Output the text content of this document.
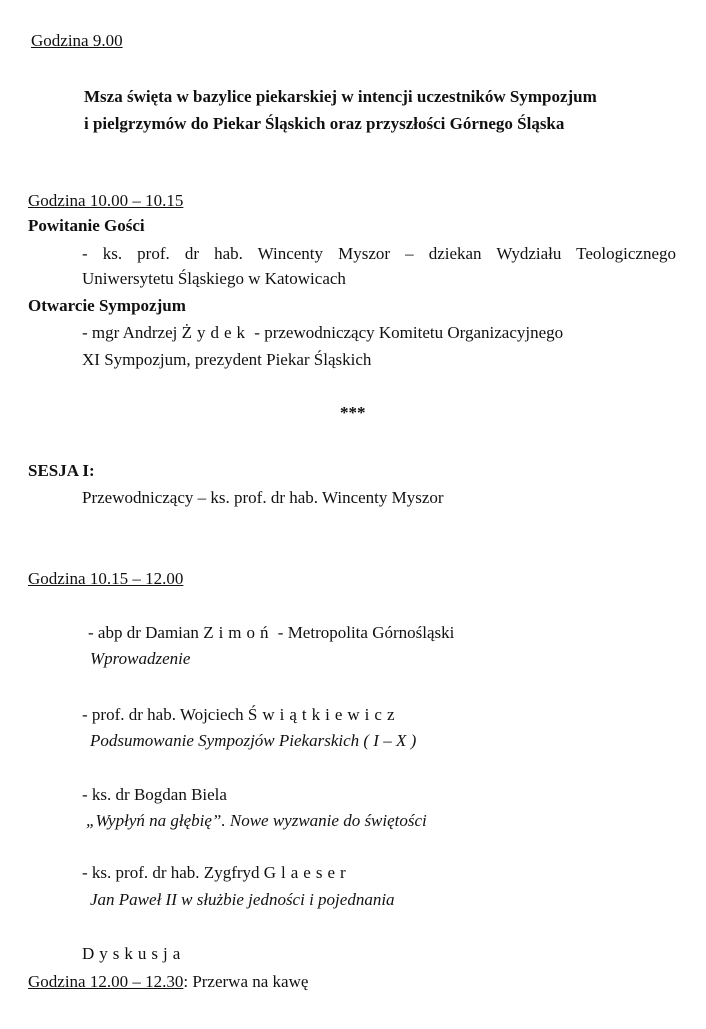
Godzina 9.00
Msza święta w bazylice piekarskiej w intencji uczestników Sympozjum
i pielgrzymów do Piekar Śląskich oraz przyszłości Górnego Śląska
Godzina 10.00 – 10.15
Powitanie Gości
- ks. prof. dr hab. Wincenty Myszor – dziekan Wydziału Teologicznego
Uniwersytetu Śląskiego w Katowicach
Otwarcie Sympozjum
- mgr Andrzej Żydek - przewodniczący Komitetu Organizacyjnego
XI Sympozjum, prezydent Piekar Śląskich
***
SESJA I:
Przewodniczący – ks. prof. dr hab. Wincenty Myszor
Godzina 10.15 – 12.00
- abp dr Damian Zimoń - Metropolita Górnośląski
Wprowadzenie
- prof. dr hab. Wojciech Świątkiewicz
Podsumowanie Sympozjów Piekarskich ( I – X )
- ks. dr Bogdan Biela
„Wypłyń na głębię”. Nowe wyzwanie do świętości
- ks. prof. dr hab. Zygfryd Glaeser
Jan Paweł II w służbie jedności i pojednania
Dyskusja
Godzina 12.00 – 12.30: Przerwa na kawę
